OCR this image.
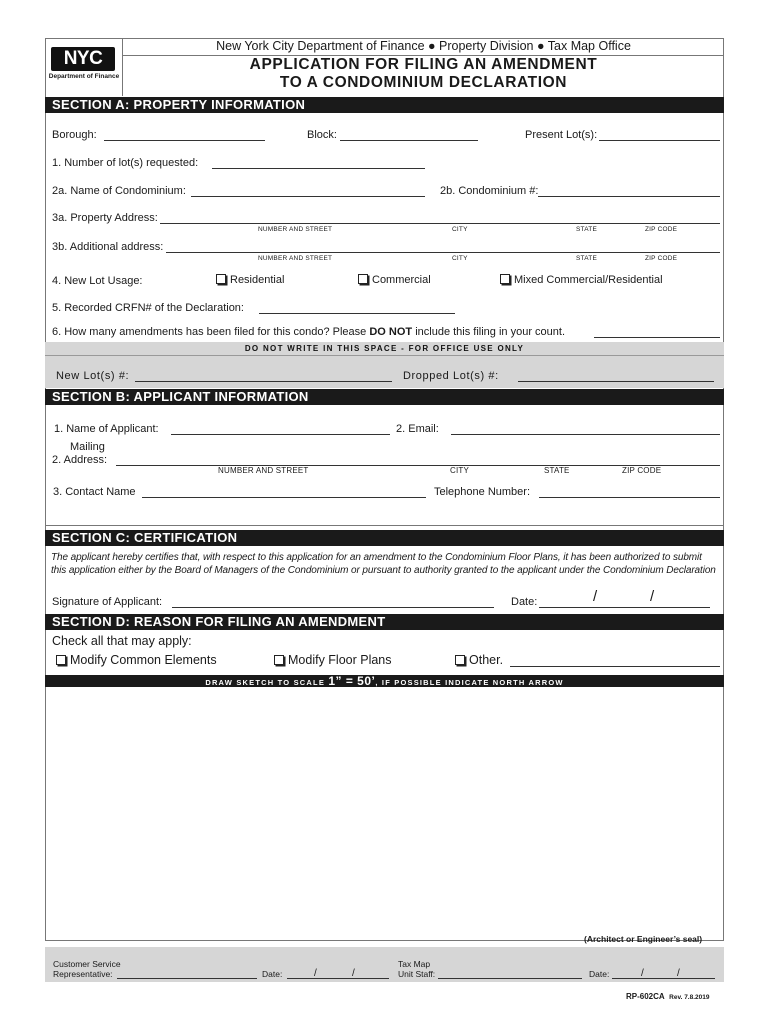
NYC
Department of Finance
New York City Department of Finance ● Property Division ● Tax Map Office
APPLICATION FOR FILING AN AMENDMENT
TO A CONDOMINIUM DECLARATION
SECTION A: PROPERTY INFORMATION
Borough:	Block:	Present Lot(s):
1. Number of lot(s) requested:
2a. Name of Condominium:	2b. Condominium #:
3a. Property Address:
NUMBER AND STREET	CITY	STATE	ZIP CODE
3b. Additional address:
NUMBER AND STREET	CITY	STATE	ZIP CODE
4. New Lot Usage:	Residential	Commercial	Mixed Commercial/Residential
5. Recorded CRFN# of the Declaration:
6. How many amendments has been filed for this condo? Please DO NOT include this filing in your count.
DO NOT WRITE IN THIS SPACE - FOR OFFICE USE ONLY
New Lot(s) #:	Dropped Lot(s) #:
SECTION B: APPLICANT INFORMATION
1. Name of Applicant:	2. Email:
Mailing
2. Address:
NUMBER AND STREET	CITY	STATE	ZIP CODE
3. Contact Name	Telephone Number:
SECTION C: CERTIFICATION
The applicant hereby certifies that, with respect to this application for an amendment to the Condominium Floor Plans, it has been authorized to submit
this application either by the Board of Managers of the Condominium or pursuant to authority granted to the applicant under the Condominium Declaration
Signature of Applicant:	Date:	/	/
SECTION D: REASON FOR FILING AN AMENDMENT
Check all that may apply:
Modify Common Elements	Modify Floor Plans	Other.
DRAW SKETCH TO SCALE 1” = 50’, IF POSSIBLE INDICATE NORTH ARROW
(Architect or Engineer’s seal)
Customer Service
Representative:	Date:	/	/
Tax Map
Unit Staff:	Date:	/	/
RP-602CA Rev. 7.8.2019
